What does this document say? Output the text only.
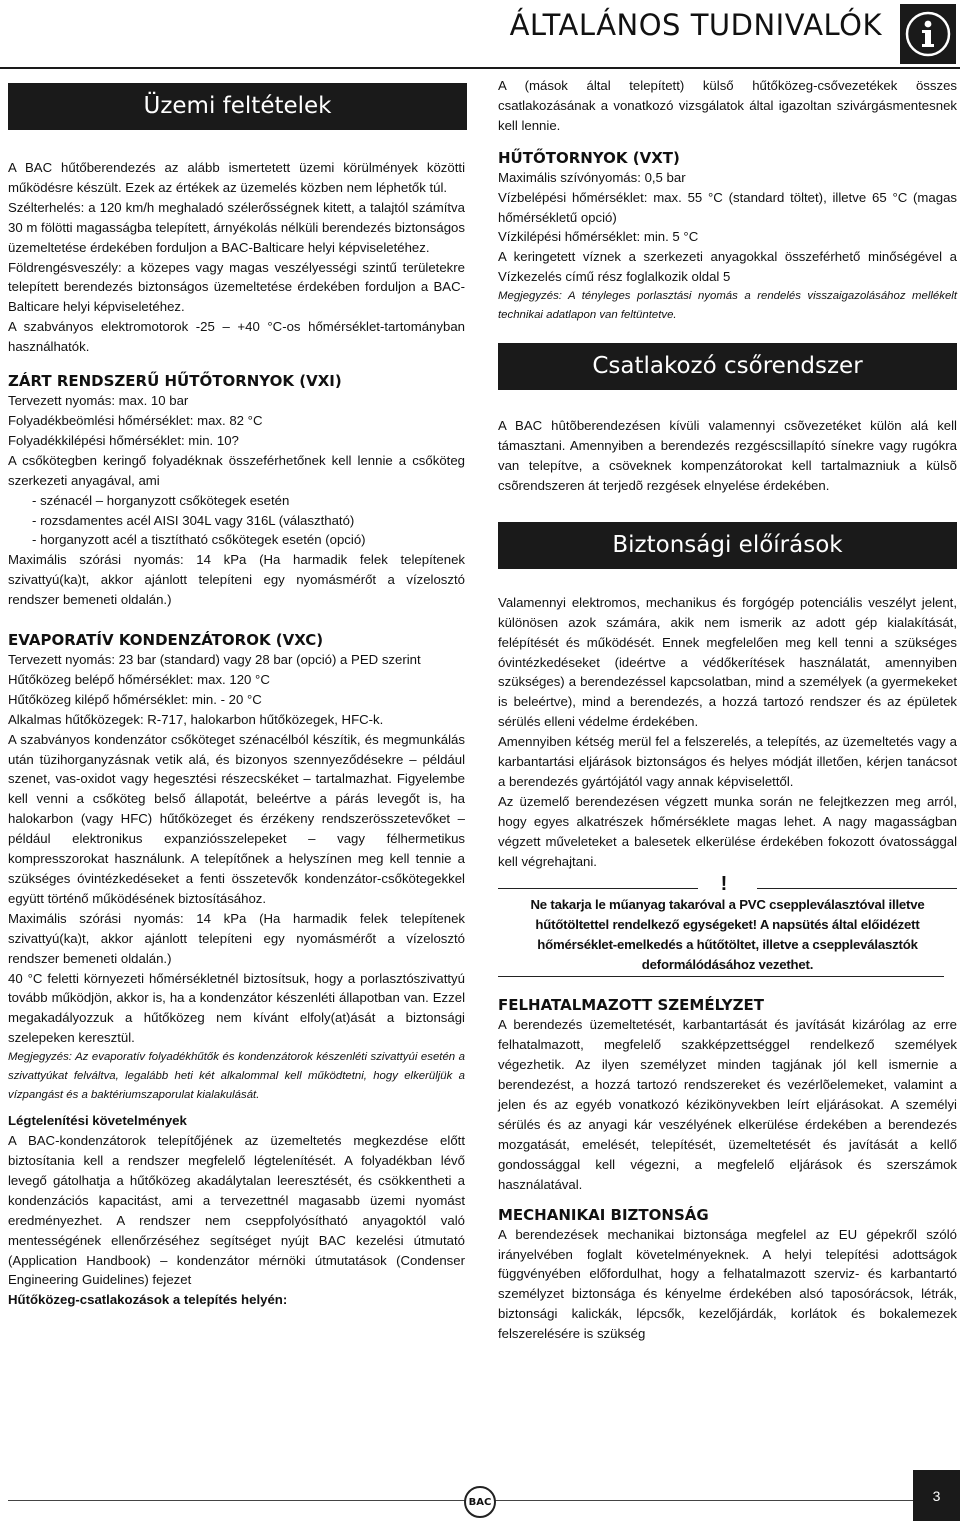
ÁLTALÁNOS TUDNIVALÓK
Üzemi feltételek

A BAC hűtőberendezés az alább ismertetett üzemi körülmények közötti működésre készült. Ezek az értékek az üzemelés közben nem léphetők túl.

Szélterhelés: a 120 km/h meghaladó szélerősségnek kitett, a talajtól számítva 30 m fölötti magasságba telepített, árnyékolás nélküli berendezés biztonságos üzemeltetése érdekében forduljon a BAC-Balticare helyi képviseletéhez.

Földrengésveszély: a közepes vagy magas veszélyességi szintű területekre telepített berendezés biztonságos üzemeltetése érdekében forduljon a BAC-Balticare helyi képviseletéhez.

A szabványos elektromotorok -25 – +40 °C-os hőmérséklet-tartományban használhatók.

ZÁRT RENDSZERŰ HŰTŐTORNYOK (VXI)

Tervezett nyomás: max. 10 bar

Folyadékbeömlési hőmérséklet: max. 82 °C

Folyadékkilépési hőmérséklet: min. 10?

A csőkötegben keringő folyadéknak összeférhetőnek kell lennie a csőköteg szerkezeti anyagával, ami

- szénacél – horganyzott csőkötegek esetén
- rozsdamentes acél AISI 304L vagy 316L (választható)
- horganyzott acél a tisztítható csőkötegek esetén (opció)

Maximális szórási nyomás: 14 kPa (Ha harmadik felek telepítenek szivattyú(ka)t, akkor ajánlott telepíteni egy nyomásmérőt a vízelosztó rendszer bemeneti oldalán.)

EVAPORATÍV KONDENZÁTOROK (VXC)

Tervezett nyomás: 23 bar (standard) vagy 28 bar (opció) a PED szerint

Hűtőközeg belépő hőmérséklet: max. 120 °C

Hűtőközeg kilépő hőmérséklet: min. - 20 °C

Alkalmas hűtőközegek: R-717, halokarbon hűtőközegek, HFC-k.

A szabványos kondenzátor csőköteget szénacélból készítik, és megmunkálás után tüzihorganyzásnak vetik alá, és bizonyos szennyeződésekre – például szenet, vas-oxidot vagy hegesztési részecskéket – tartalmazhat. Figyelembe kell venni a csőköteg belső állapotát, beleértve a párás levegőt is, ha halokarbon (vagy HFC) hűtőközeget és érzékeny rendszerösszetevőket – például elektronikus expanziósszelepeket – vagy félhermetikus kompresszorokat használunk. A telepítőnek a helyszínen meg kell tennie a szükséges óvintézkedéseket a fenti összetevők kondenzátor-csőkötegekkel együtt történő működésének biztosításához.

Maximális szórási nyomás: 14 kPa (Ha harmadik felek telepítenek szivattyú(ka)t, akkor ajánlott telepíteni egy nyomásmérőt a vízelosztó rendszer bemeneti oldalán.)

40 °C feletti környezeti hőmérsékletnél biztosítsuk, hogy a porlasztószivattyú tovább működjön, akkor is, ha a kondenzátor készenléti állapotban van. Ezzel megakadályozzuk a hűtőközeg nem kívánt elfoly(at)ását a biztonsági szelepeken keresztül.

Megjegyzés: Az evaporatív folyadékhűtők és kondenzátorok készenléti szivattyúi esetén a szivattyúkat felváltva, legalább heti két alkalommal kell működtetni, hogy elkerüljük a vízpangást és a baktériumszaporulat kialakulását.

Légtelenítési követelmények

A BAC-kondenzátorok telepítőjének az üzemeltetés megkezdése előtt biztosítania kell a rendszer megfelelő légtelenítését. A folyadékban lévő levegő gátolhatja a hűtőközeg akadálytalan leeresztését, és csökkentheti a kondenzációs kapacitást, ami a tervezettnél magasabb üzemi nyomást eredményezhet. A rendszer nem cseppfolyósítható anyagoktól való mentességének ellenőrzéséhez segítséget nyújt BAC kezelési útmutató (Application Handbook) – kondenzátor mérnöki útmutatások (Condenser Engineering Guidelines) fejezet

Hűtőközeg-csatlakozások a telepítés helyén:

A (mások által telepített) külső hűtőközeg-csővezetékek összes csatlakozásának a vonatkozó vizsgálatok által igazoltan szivárgásmentesnek kell lennie.

HŰTŐTORNYOK (VXT)

Maximális szívónyomás: 0,5 bar

Vízbelépési hőmérséklet: max. 55 °C (standard töltet), illetve 65 °C (magas hőmérsékletű opció)

Vízkilépési hőmérséklet: min. 5 °C

A keringetett víznek a szerkezeti anyagokkal összeférhető minőségével a Vízkezelés című rész foglalkozik oldal 5

Megjegyzés: A tényleges porlasztási nyomás a rendelés visszaigazolásához mellékelt technikai adatlapon van feltüntetve.

Csatlakozó csőrendszer

A BAC hûtõberendezésen kívüli valamennyi csõvezetéket külön alá kell támasztani. Amennyiben a berendezés rezgéscsillapító sínekre vagy rugókra van telepítve, a csöveknek kompenzátorokat kell tartalmazniuk a külsõ csõrendszeren át terjedõ rezgések elnyelése érdekében.

Biztonsági előírások

Valamennyi elektromos, mechanikus és forgógép potenciális veszélyt jelent, különösen azok számára, akik nem ismerik az adott gép kialakítását, felépítését és működését. Ennek megfelelően meg kell tenni a szükséges óvintézkedéseket (ideértve a védőkerítések használatát, amennyiben szükséges) a berendezéssel kapcsolatban, mind a személyek (a gyermekeket is beleértve), mind a berendezés, a hozzá tartozó rendszer és az épületek sérülés elleni védelme érdekében.

Amennyiben kétség merül fel a felszerelés, a telepítés, az üzemeltetés vagy a karbantartási eljárások biztonságos és helyes módját illetően, kérjen tanácsot a berendezés gyártójától vagy annak képviselettől.

Az üzemelő berendezésen végzett munka során ne felejtkezzen meg arról, hogy egyes alkatrészek hőmérséklete magas lehet. A nagy magasságban végzett műveleteket a balesetek elkerülése érdekében fokozott óvatossággal kell végrehajtani.

!
Ne takarja le műanyag takaróval a PVC cseppleválasztóval illetve hűtőtöltettel rendelkező egységeket! A napsütés által előidézett hőmérséklet-emelkedés a hűtőtöltet, illetve a cseppleválasztók deformálódásához vezethet.
FELHATALMAZOTT SZEMÉLYZET

A berendezés üzemeltetését, karbantartását és javítását kizárólag az erre felhatalmazott, megfelelő szakképzettséggel rendelkező személyek végezhetik. Az ilyen személyzet minden tagjának jól kell ismernie a berendezést, a hozzá tartozó rendszereket és vezérlõelemeket, valamint a jelen és az egyéb vonatkozó kézikönyvekben leírt eljárásokat. A személyi sérülés és az anyagi kár veszélyének elkerülése érdekében a berendezés mozgatását, emelését, telepítését, üzemeltetését és javítását a kellő gondossággal kell végezni, a megfelelő eljárások és szerszámok használatával.

MECHANIKAI BIZTONSÁG

A berendezések mechanikai biztonsága megfelel az EU gépekről szóló irányelvében foglalt követelményeknek. A helyi telepítési adottságok függvényében előfordulhat, hogy a felhatalmazott szerviz- és karbantartó személyzet biztonsága és kényelme érdekében alsó taposórácsok, létrák, biztonsági kalickák, lépcsők, kezelőjárdák, korlátok és bokalemezek felszerelésére is szükség

BAC	3
